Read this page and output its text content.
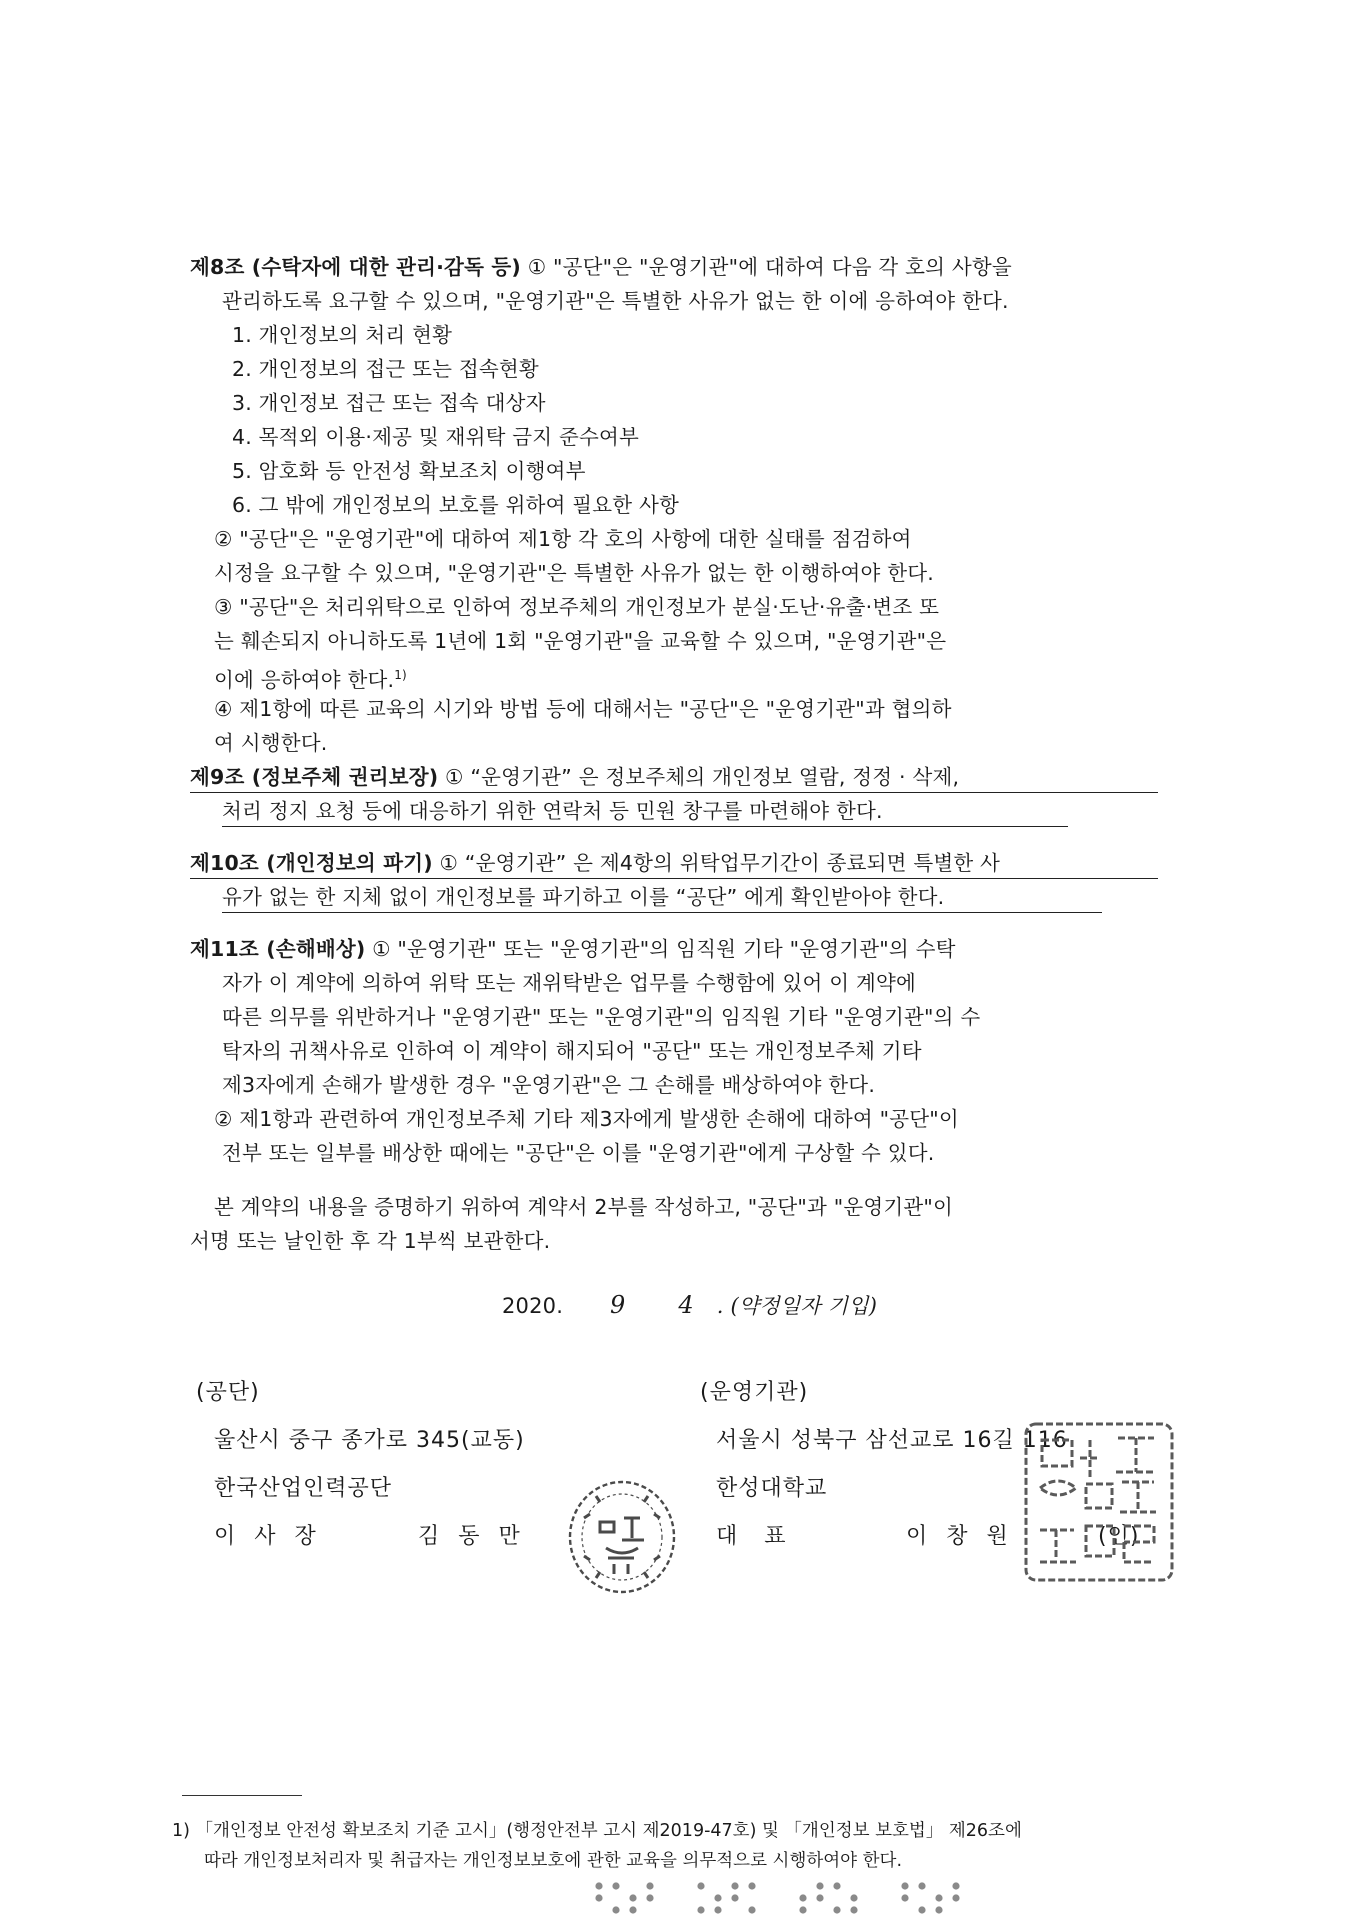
제8조 (수탁자에 대한 관리·감독 등) ① "공단"은 "운영기관"에 대하여 다음 각 호의 사항을
관리하도록 요구할 수 있으며, "운영기관"은 특별한 사유가 없는 한 이에 응하여야 한다.
1. 개인정보의 처리 현황
2. 개인정보의 접근 또는 접속현황
3. 개인정보 접근 또는 접속 대상자
4. 목적외 이용·제공 및 재위탁 금지 준수여부
5. 암호화 등 안전성 확보조치 이행여부
6. 그 밖에 개인정보의 보호를 위하여 필요한 사항
② "공단"은 "운영기관"에 대하여 제1항 각 호의 사항에 대한 실태를 점검하여
시정을 요구할 수 있으며, "운영기관"은 특별한 사유가 없는 한 이행하여야 한다.
③ "공단"은 처리위탁으로 인하여 정보주체의 개인정보가 분실·도난·유출·변조 또
는 훼손되지 아니하도록 1년에 1회 "운영기관"을 교육할 수 있으며, "운영기관"은
이에 응하여야 한다.$^{1)}$
④ 제1항에 따른 교육의 시기와 방법 등에 대해서는 "공단"은 "운영기관"과 협의하
여 시행한다.
제9조 (정보주체 권리보장) ① “운영기관” 은 정보주체의 개인정보 열람, 정정 · 삭제,
처리 정지 요청 등에 대응하기 위한 연락처 등 민원 창구를 마련해야 한다.
제10조 (개인정보의 파기) ① “운영기관” 은 제4항의 위탁업무기간이 종료되면 특별한 사
유가 없는 한 지체 없이 개인정보를 파기하고 이를 “공단” 에게 확인받아야 한다.
제11조 (손해배상) ① "운영기관" 또는 "운영기관"의 임직원 기타 "운영기관"의 수탁
자가 이 계약에 의하여 위탁 또는 재위탁받은 업무를 수행함에 있어 이 계약에
따른 의무를 위반하거나 "운영기관" 또는 "운영기관"의 임직원 기타 "운영기관"의 수
탁자의 귀책사유로 인하여 이 계약이 해지되어 "공단" 또는 개인정보주체 기타
제3자에게 손해가 발생한 경우 "운영기관"은 그 손해를 배상하여야 한다.
② 제1항과 관련하여 개인정보주체 기타 제3자에게 발생한 손해에 대하여 "공단"이
전부 또는 일부를 배상한 때에는 "공단"은 이를 "운영기관"에게 구상할 수 있다.
본 계약의 내용을 증명하기 위하여 계약서 2부를 작성하고, "공단"과 "운영기관"이
서명 또는 날인한 후 각 1부씩 보관한다.
2020. 9 4 . (약정일자 기입)
(공단)
울산시 중구 종가로 345(교동)
한국산업인력공단
이 사 장	김 동 만
(운영기관)
서울시 성북구 삼선교로 16길 116
한성대학교
대 표	이 창 원	(인)
1) 「개인정보 안전성 확보조치 기준 고시」(행정안전부 고시 제2019-47호) 및 「개인정보 보호법」 제26조에
따라 개인정보처리자 및 취급자는 개인정보보호에 관한 교육을 의무적으로 시행하여야 한다.
